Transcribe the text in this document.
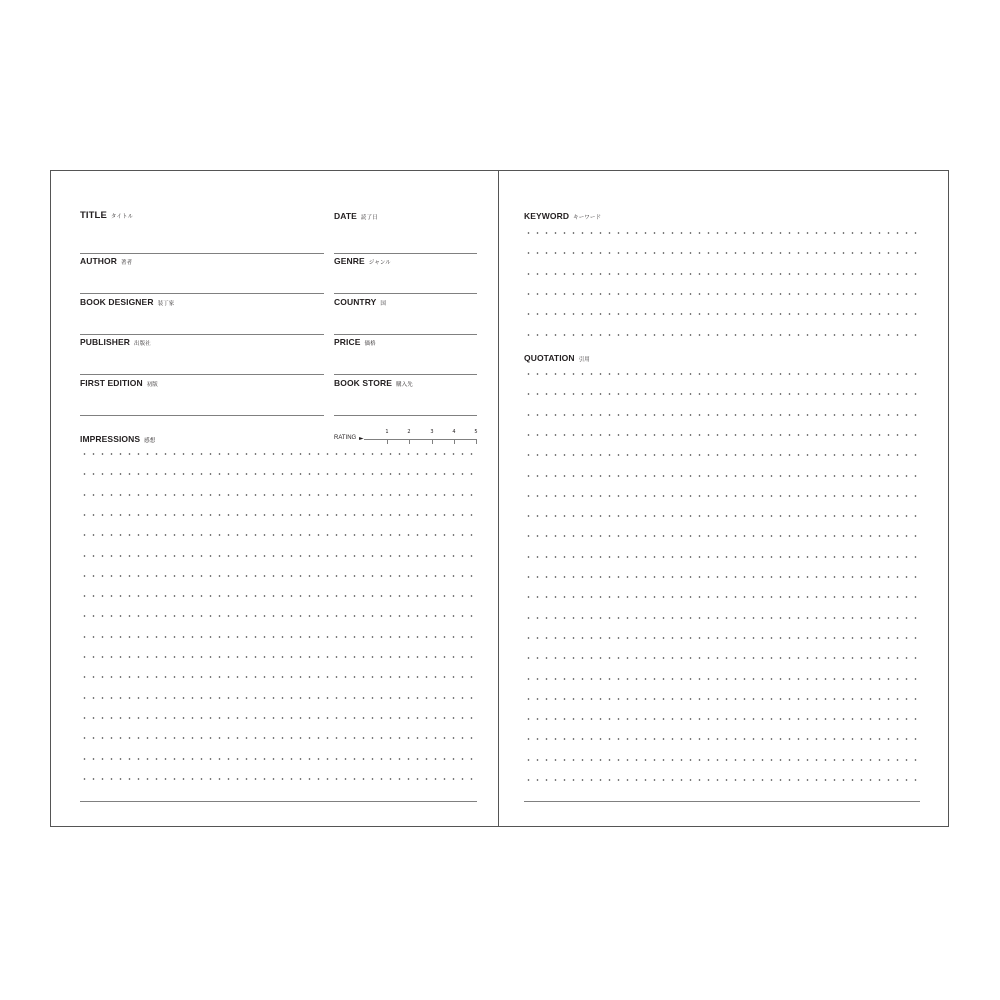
TITLE タイトル	DATE 読了日
AUTHOR 著者	GENRE ジャンル
BOOK DESIGNER 装丁家	COUNTRY 国
PUBLISHER 出版社	PRICE 価格
FIRST EDITION 初版	BOOK STORE 購入先
IMPRESSIONS 感想	RATING ►
1	2	3	4	5
KEYWORD キーワード
QUOTATION 引用
